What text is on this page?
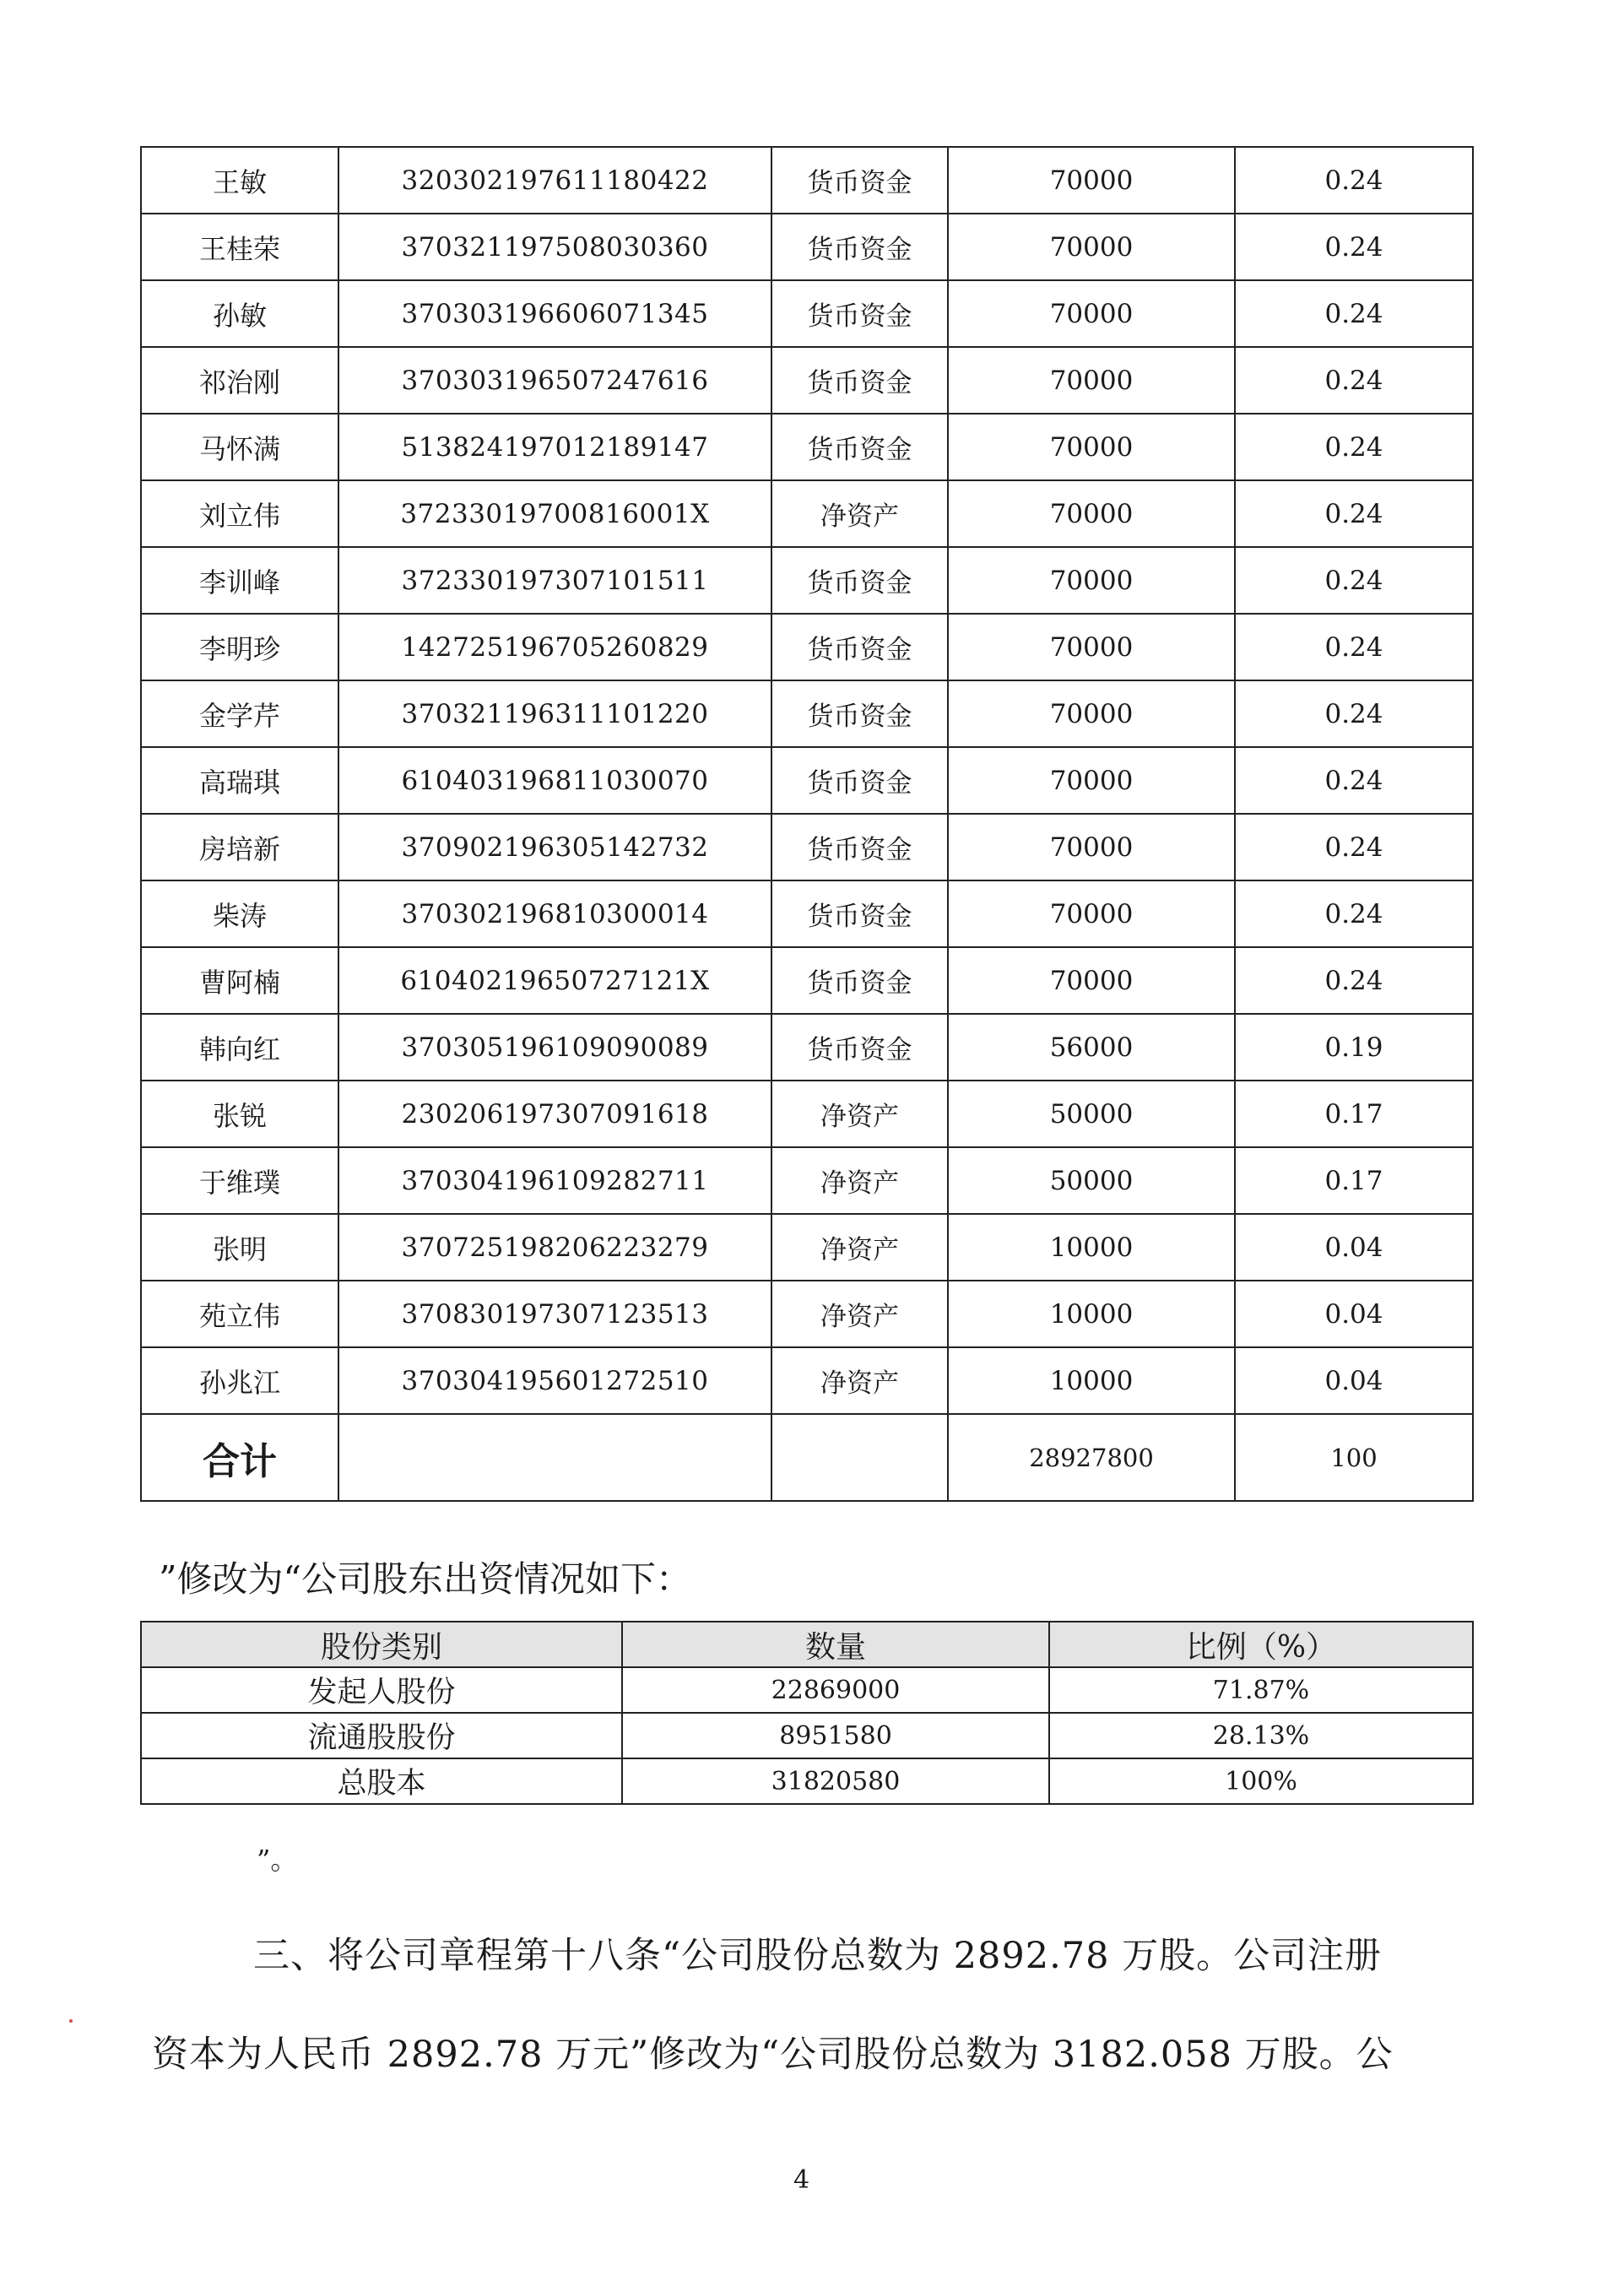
王敏	320302197611180422	货币资金	70000	0.24
王桂荣	370321197508030360	货币资金	70000	0.24
孙敏	370303196606071345	货币资金	70000	0.24
祁治刚	370303196507247616	货币资金	70000	0.24
马怀满	513824197012189147	货币资金	70000	0.24
刘立伟	37233019700816001X	净资产	70000	0.24
李训峰	372330197307101511	货币资金	70000	0.24
李明珍	142725196705260829	货币资金	70000	0.24
金学芹	370321196311101220	货币资金	70000	0.24
高瑞琪	610403196811030070	货币资金	70000	0.24
房培新	370902196305142732	货币资金	70000	0.24
柴涛	370302196810300014	货币资金	70000	0.24
曹阿楠	61040219650727121X	货币资金	70000	0.24
韩向红	370305196109090089	货币资金	56000	0.19
张锐	230206197307091618	净资产	50000	0.17
于维璞	370304196109282711	净资产	50000	0.17
张明	370725198206223279	净资产	10000	0.04
苑立伟	370830197307123513	净资产	10000	0.04
孙兆江	370304195601272510	净资产	10000	0.04
合计			28927800	100
”修改为“公司股东出资情况如下：
股份类别	数量	比例（%）
发起人股份	22869000	71.87%
流通股股份	8951580	28.13%
总股本	31820580	100%
”。
三、将公司章程第十八条“公司股份总数为 2892.78 万股。公司注册
资本为人民币 2892.78 万元”修改为“公司股份总数为 3182.058 万股。公
4
